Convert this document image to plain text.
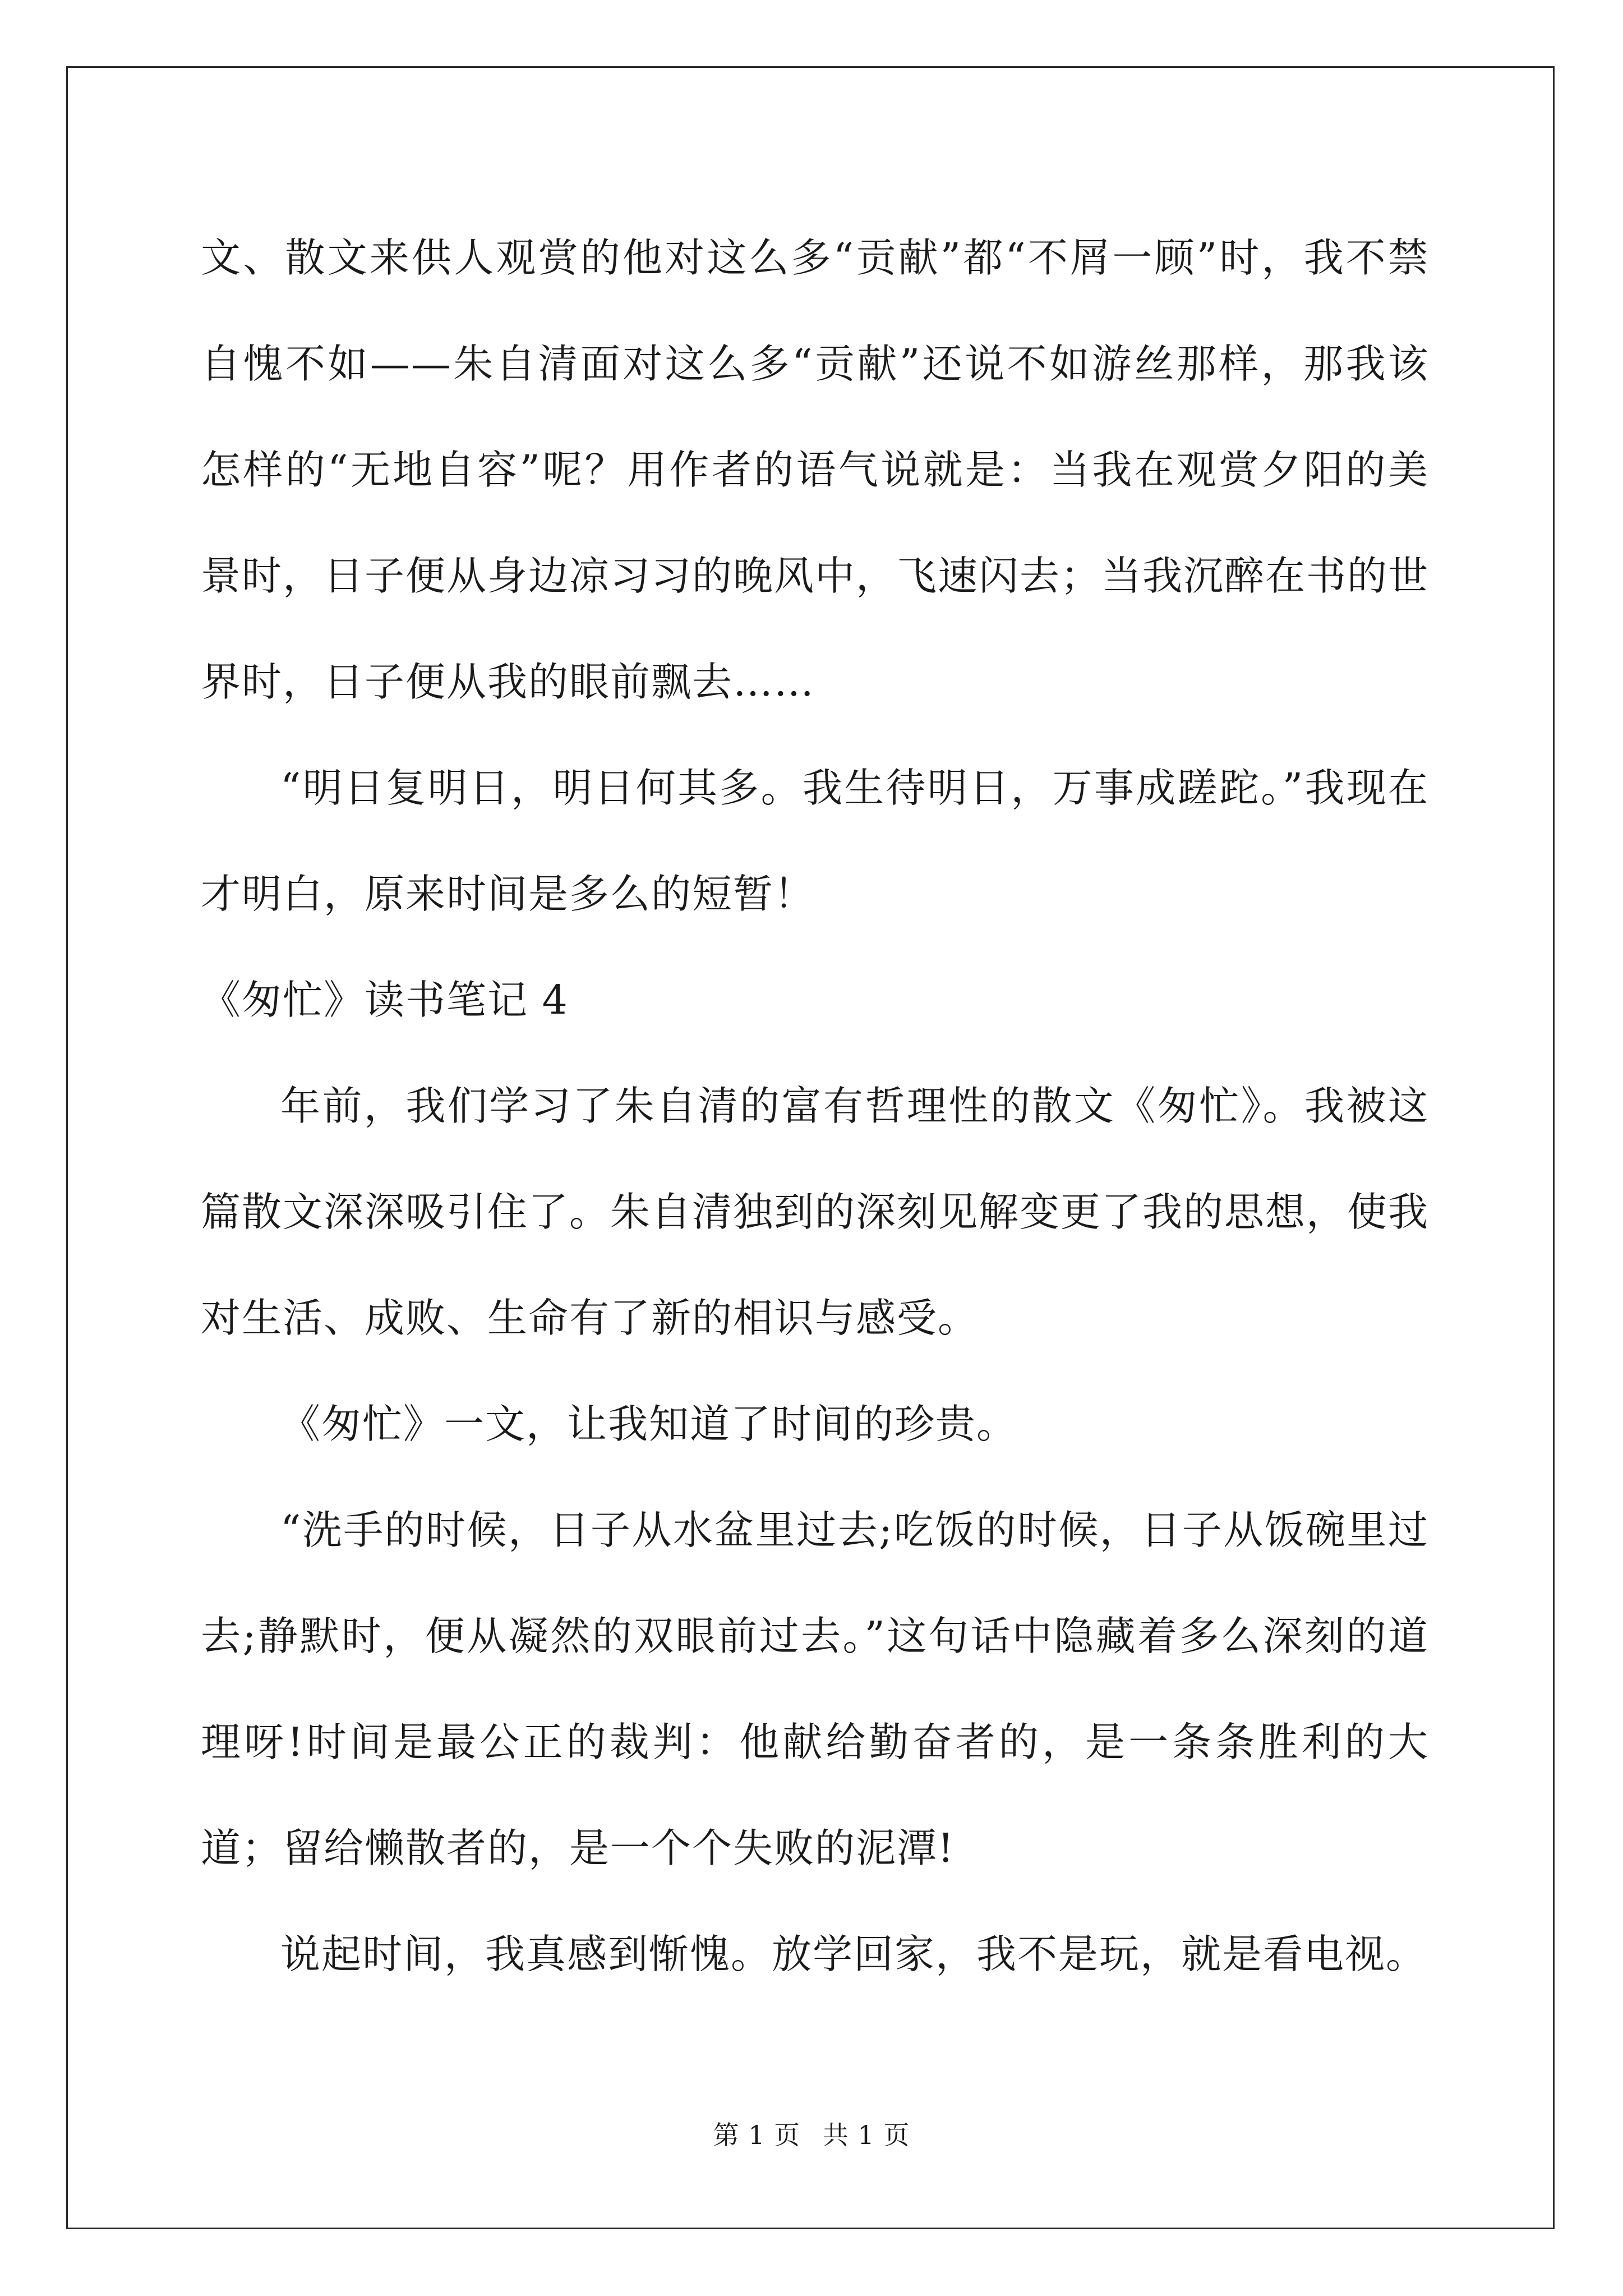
文、散文来供人观赏的他对这么多“贡献”都“不屑一顾”时，我不禁自愧不如——朱自清面对这么多“贡献”还说不如游丝那样，那我该怎样的“无地自容”呢？用作者的语气说就是：当我在观赏夕阳的美景时，日子便从身边凉习习的晚风中，飞速闪去；当我沉醉在书的世界时，日子便从我的眼前飘去……

“明日复明日，明日何其多。我生待明日，万事成蹉跎。”我现在才明白，原来时间是多么的短暂！

《匆忙》读书笔记 4

年前，我们学习了朱自清的富有哲理性的散文《匆忙》。我被这篇散文深深吸引住了。朱自清独到的深刻见解变更了我的思想，使我对生活、成败、生命有了新的相识与感受。

《匆忙》一文，让我知道了时间的珍贵。

“洗手的时候，日子从水盆里过去;吃饭的时候，日子从饭碗里过去;静默时，便从凝然的双眼前过去。”这句话中隐藏着多么深刻的道理呀!时间是最公正的裁判：他献给勤奋者的，是一条条胜利的大道；留给懒散者的，是一个个失败的泥潭!

说起时间，我真感到惭愧。放学回家，我不是玩，就是看电视。

第 1 页 共 1 页
